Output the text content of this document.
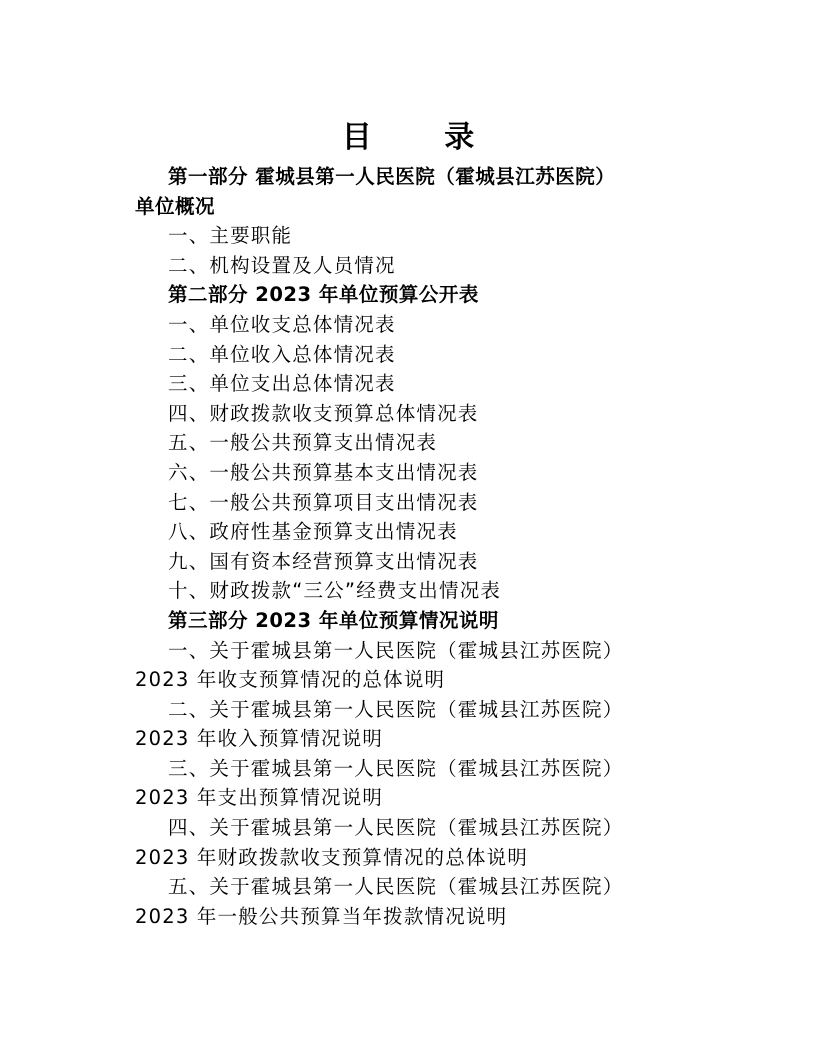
目 录
第一部分 霍城县第一人民医院（霍城县江苏医院）
单位概况
一、主要职能
二、机构设置及人员情况
第二部分 2023 年单位预算公开表
一、单位收支总体情况表
二、单位收入总体情况表
三、单位支出总体情况表
四、财政拨款收支预算总体情况表
五、一般公共预算支出情况表
六、一般公共预算基本支出情况表
七、一般公共预算项目支出情况表
八、政府性基金预算支出情况表
九、国有资本经营预算支出情况表
十、财政拨款“三公”经费支出情况表
第三部分 2023 年单位预算情况说明
一、关于霍城县第一人民医院（霍城县江苏医院）
2023 年收支预算情况的总体说明
二、关于霍城县第一人民医院（霍城县江苏医院）
2023 年收入预算情况说明
三、关于霍城县第一人民医院（霍城县江苏医院）
2023 年支出预算情况说明
四、关于霍城县第一人民医院（霍城县江苏医院）
2023 年财政拨款收支预算情况的总体说明
五、关于霍城县第一人民医院（霍城县江苏医院）
2023 年一般公共预算当年拨款情况说明
